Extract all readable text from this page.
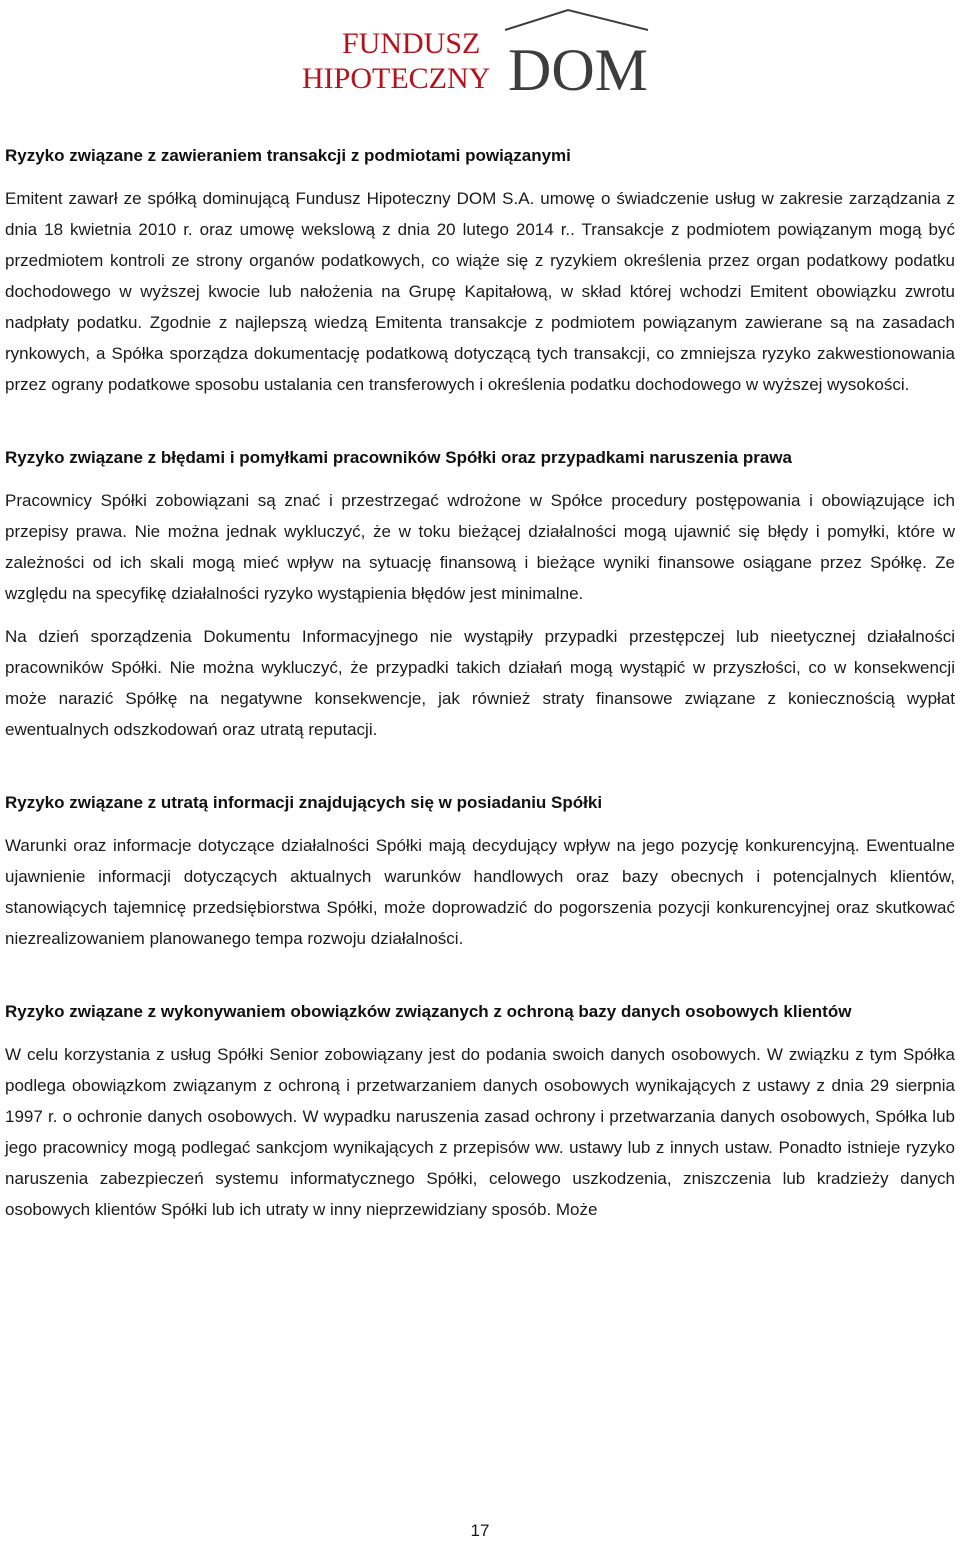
FUNDUSZ
HIPOTECZNY DOM
Ryzyko związane z zawieraniem transakcji z podmiotami powiązanymi

Emitent zawarł ze spółką dominującą Fundusz Hipoteczny DOM S.A. umowę o świadczenie usług w zakresie zarządzania z dnia 18 kwietnia 2010 r. oraz umowę wekslową z dnia 20 lutego 2014 r.. Transakcje z podmiotem powiązanym mogą być przedmiotem kontroli ze strony organów podatkowych, co wiąże się z ryzykiem określenia przez organ podatkowy podatku dochodowego w wyższej kwocie lub nałożenia na Grupę Kapitałową, w skład której wchodzi Emitent obowiązku zwrotu nadpłaty podatku. Zgodnie z najlepszą wiedzą Emitenta transakcje z podmiotem powiązanym zawierane są na zasadach rynkowych, a Spółka sporządza dokumentację podatkową dotyczącą tych transakcji, co zmniejsza ryzyko zakwestionowania przez ograny podatkowe sposobu ustalania cen transferowych i określenia podatku dochodowego w wyższej wysokości.

Ryzyko związane z błędami i pomyłkami pracowników Spółki oraz przypadkami naruszenia prawa

Pracownicy Spółki zobowiązani są znać i przestrzegać wdrożone w Spółce procedury postępowania i obowiązujące ich przepisy prawa. Nie można jednak wykluczyć, że w toku bieżącej działalności mogą ujawnić się błędy i pomyłki, które w zależności od ich skali mogą mieć wpływ na sytuację finansową i bieżące wyniki finansowe osiągane przez Spółkę. Ze względu na specyfikę działalności ryzyko wystąpienia błędów jest minimalne.

Na dzień sporządzenia Dokumentu Informacyjnego nie wystąpiły przypadki przestępczej lub nieetycznej działalności pracowników Spółki. Nie można wykluczyć, że przypadki takich działań mogą wystąpić w przyszłości, co w konsekwencji może narazić Spółkę na negatywne konsekwencje, jak również straty finansowe związane z koniecznością wypłat ewentualnych odszkodowań oraz utratą reputacji.

Ryzyko związane z utratą informacji znajdujących się w posiadaniu Spółki

Warunki oraz informacje dotyczące działalności Spółki mają decydujący wpływ na jego pozycję konkurencyjną. Ewentualne ujawnienie informacji dotyczących aktualnych warunków handlowych oraz bazy obecnych i potencjalnych klientów, stanowiących tajemnicę przedsiębiorstwa Spółki, może doprowadzić do pogorszenia pozycji konkurencyjnej oraz skutkować niezrealizowaniem planowanego tempa rozwoju działalności.

Ryzyko związane z wykonywaniem obowiązków związanych z ochroną bazy danych osobowych klientów

W celu korzystania z usług Spółki Senior zobowiązany jest do podania swoich danych osobowych. W związku z tym Spółka podlega obowiązkom związanym z ochroną i przetwarzaniem danych osobowych wynikających z ustawy z dnia 29 sierpnia 1997 r. o ochronie danych osobowych. W wypadku naruszenia zasad ochrony i przetwarzania danych osobowych, Spółka lub jego pracownicy mogą podlegać sankcjom wynikających z przepisów ww. ustawy lub z innych ustaw. Ponadto istnieje ryzyko naruszenia zabezpieczeń systemu informatycznego Spółki, celowego uszkodzenia, zniszczenia lub kradzieży danych osobowych klientów Spółki lub ich utraty w inny nieprzewidziany sposób. Może

17
